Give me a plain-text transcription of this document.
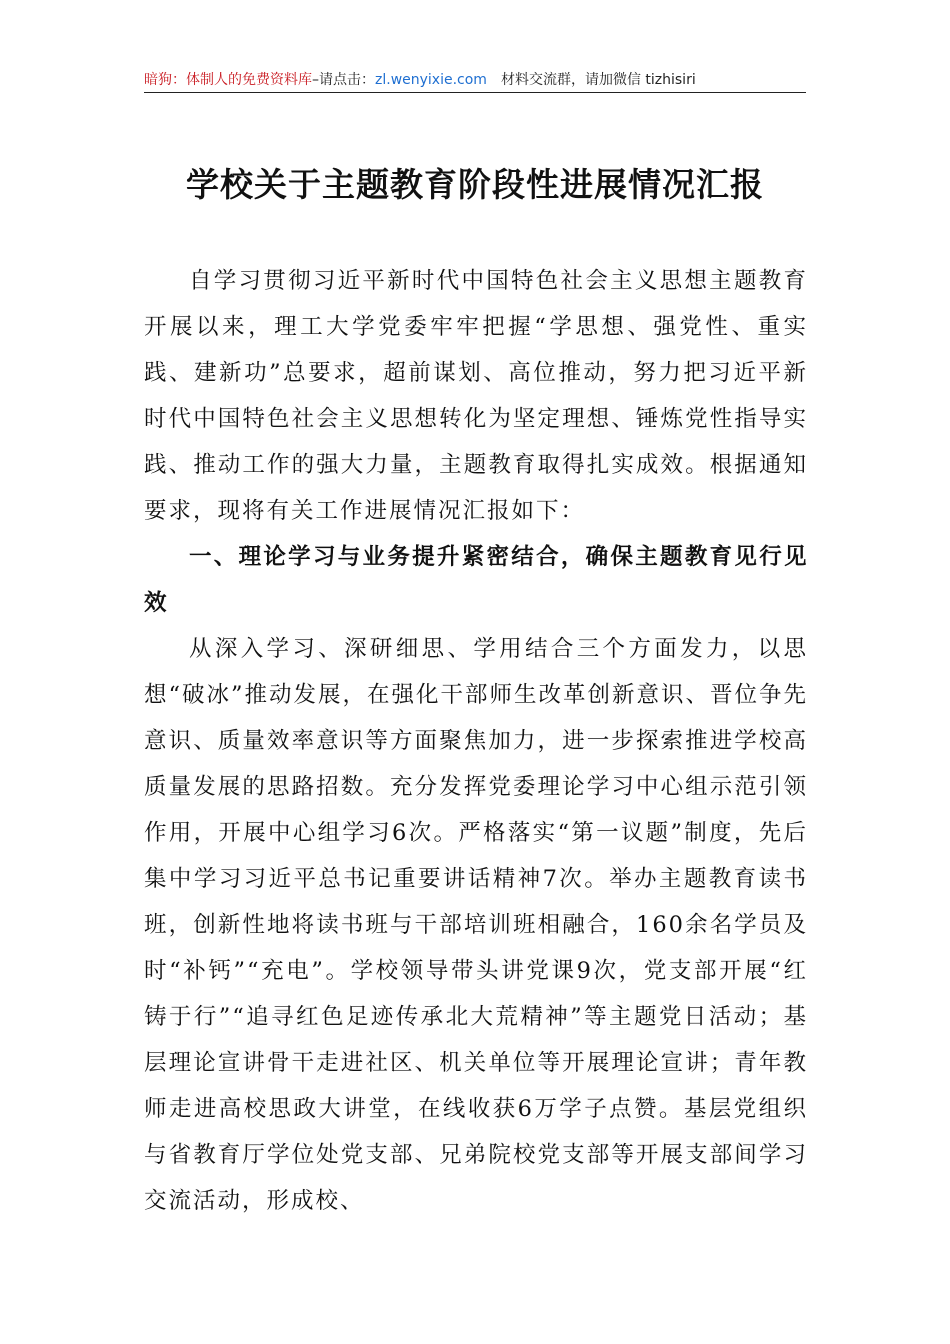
暗狗：体制人的免费资料库–请点击：zl.wenyixie.com 材料交流群，请加微信 tizhisiri
学校关于主题教育阶段性进展情况汇报

自学习贯彻习近平新时代中国特色社会主义思想主题教育开展以来，理工大学党委牢牢把握“学思想、强党性、重实践、建新功”总要求，超前谋划、高位推动，努力把习近平新时代中国特色社会主义思想转化为坚定理想、锤炼党性指导实践、推动工作的强大力量，主题教育取得扎实成效。根据通知要求，现将有关工作进展情况汇报如下：

一、理论学习与业务提升紧密结合，确保主题教育见行见效

从深入学习、深研细思、学用结合三个方面发力，以思想“破冰”推动发展，在强化干部师生改革创新意识、晋位争先意识、质量效率意识等方面聚焦加力，进一步探索推进学校高质量发展的思路招数。充分发挥党委理论学习中心组示范引领作用，开展中心组学习6次。严格落实“第一议题”制度，先后集中学习习近平总书记重要讲话精神7次。举办主题教育读书班，创新性地将读书班与干部培训班相融合，160余名学员及时“补钙”“充电”。学校领导带头讲党课9次，党支部开展“红铸于行”“追寻红色足迹传承北大荒精神”等主题党日活动；基层理论宣讲骨干走进社区、机关单位等开展理论宣讲；青年教师走进高校思政大讲堂，在线收获6万学子点赞。基层党组织与省教育厅学位处党支部、兄弟院校党支部等开展支部间学习交流活动，形成校、
